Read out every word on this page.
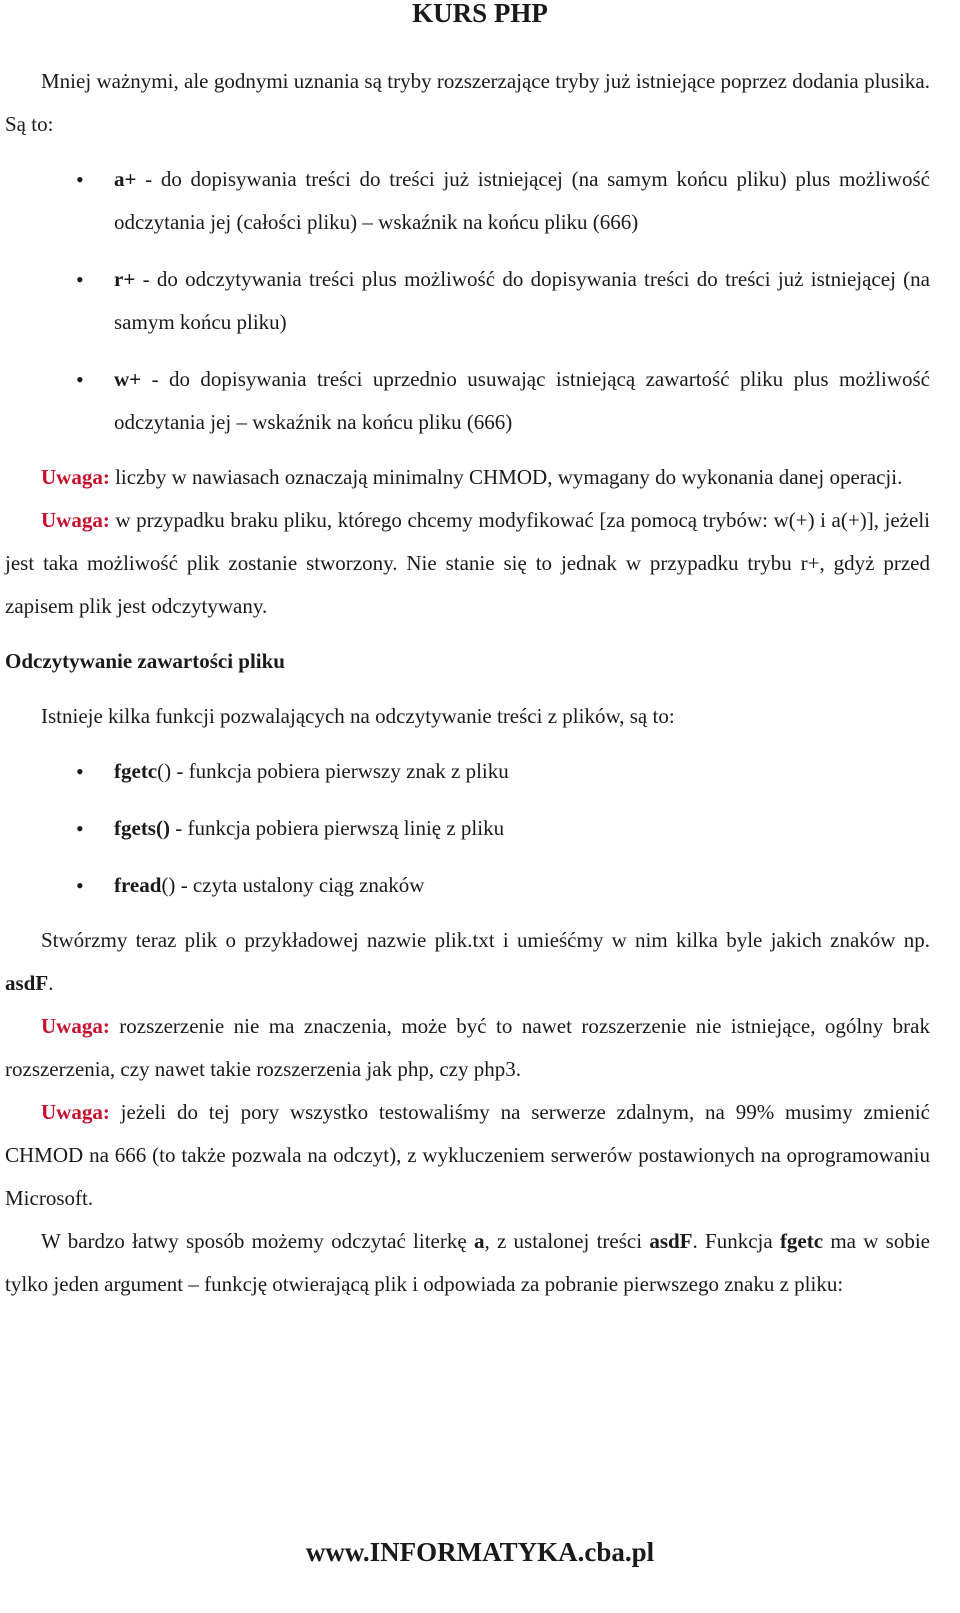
KURS PHP

Mniej ważnymi, ale godnymi uznania są tryby rozszerzające tryby już istniejące poprzez dodania plusika. Są to:

• a+ - do dopisywania treści do treści już istniejącej (na samym końcu pliku) plus możliwość odczytania jej (całości pliku) – wskaźnik na końcu pliku (666)
• r+ - do odczytywania treści plus możliwość do dopisywania treści do treści już istniejącej (na samym końcu pliku)
• w+ - do dopisywania treści uprzednio usuwając istniejącą zawartość pliku plus możliwość odczytania jej – wskaźnik na końcu pliku (666)

Uwaga: liczby w nawiasach oznaczają minimalny CHMOD, wymagany do wykonania danej operacji.

Uwaga: w przypadku braku pliku, którego chcemy modyfikować [za pomocą trybów: w(+) i a(+)], jeżeli jest taka możliwość plik zostanie stworzony. Nie stanie się to jednak w przypadku trybu r+, gdyż przed zapisem plik jest odczytywany.

Odczytywanie zawartości pliku

Istnieje kilka funkcji pozwalających na odczytywanie treści z plików, są to:

• fgetc() - funkcja pobiera pierwszy znak z pliku
• fgets() - funkcja pobiera pierwszą linię z pliku
• fread() - czyta ustalony ciąg znaków

Stwórzmy teraz plik o przykładowej nazwie plik.txt i umieśćmy w nim kilka byle jakich znaków np. asdF.

Uwaga: rozszerzenie nie ma znaczenia, może być to nawet rozszerzenie nie istniejące, ogólny brak rozszerzenia, czy nawet takie rozszerzenia jak php, czy php3.

Uwaga: jeżeli do tej pory wszystko testowaliśmy na serwerze zdalnym, na 99% musimy zmienić CHMOD na 666 (to także pozwala na odczyt), z wykluczeniem serwerów postawionych na oprogramowaniu Microsoft.

W bardzo łatwy sposób możemy odczytać literkę a, z ustalonej treści asdF. Funkcja fgetc ma w sobie tylko jeden argument – funkcję otwierającą plik i odpowiada za pobranie pierwszego znaku z pliku:

www.INFORMATYKA.cba.pl
